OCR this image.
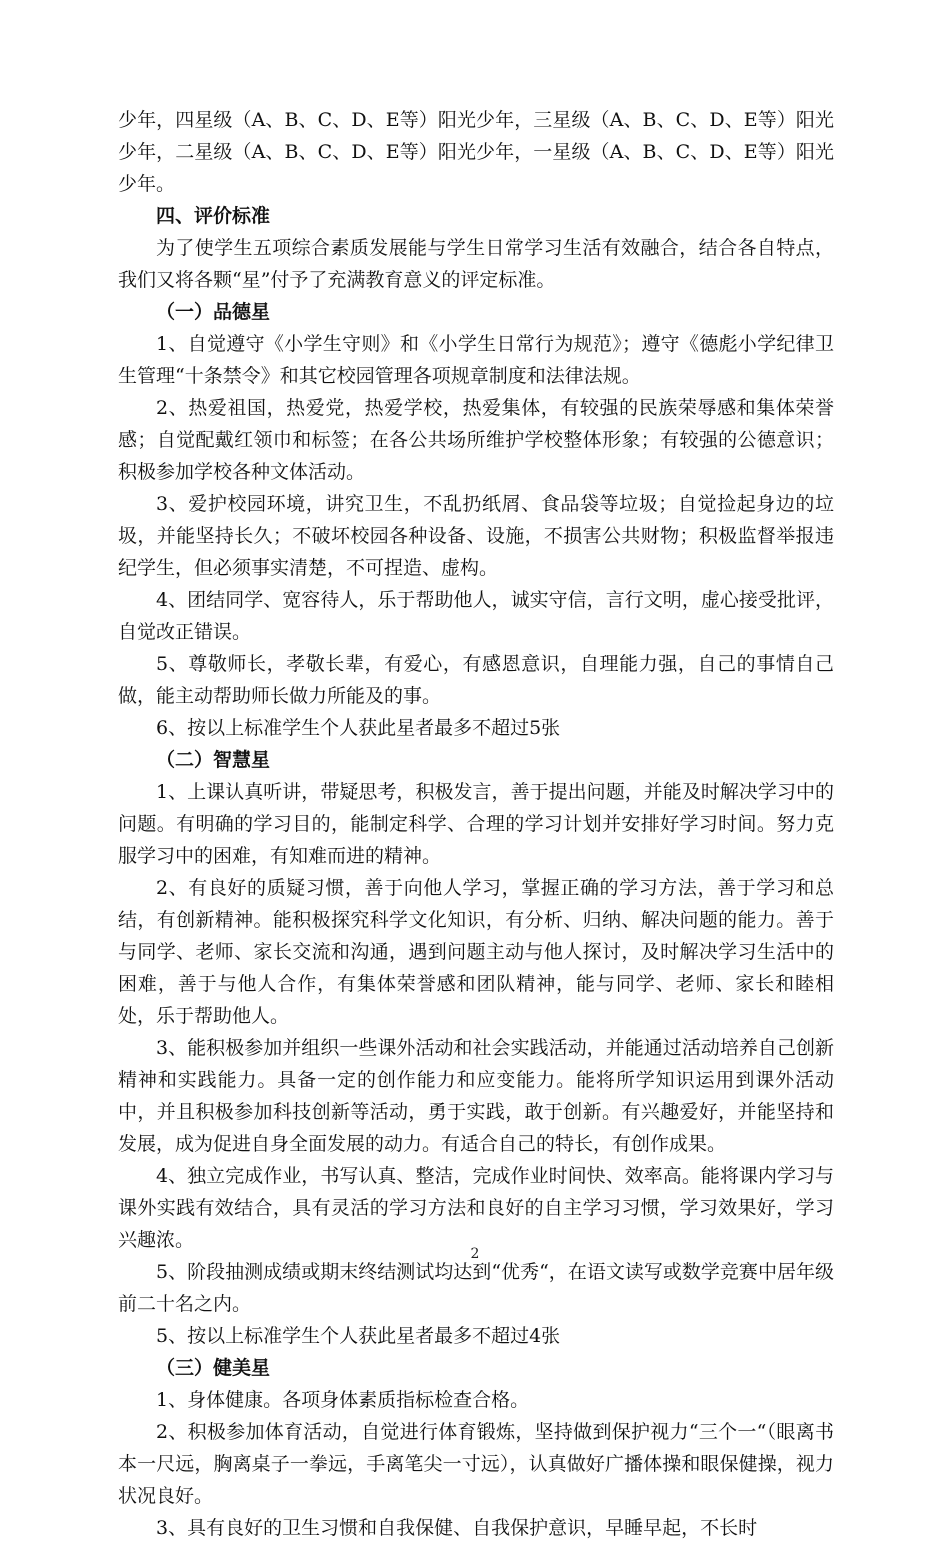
少年，四星级（A、B、C、D、E等）阳光少年，三星级（A、B、C、D、E等）阳光少年，二星级（A、B、C、D、E等）阳光少年，一星级（A、B、C、D、E等）阳光少年。

四、评价标准

为了使学生五项综合素质发展能与学生日常学习生活有效融合，结合各自特点，我们又将各颗“星”付予了充满教育意义的评定标准。

（一）品德星

1、自觉遵守《小学生守则》和《小学生日常行为规范》；遵守《德彪小学纪律卫生管理“十条禁令》和其它校园管理各项规章制度和法律法规。

2、热爱祖国，热爱党，热爱学校，热爱集体，有较强的民族荣辱感和集体荣誉感；自觉配戴红领巾和标签；在各公共场所维护学校整体形象；有较强的公德意识；积极参加学校各种文体活动。

3、爱护校园环境，讲究卫生，不乱扔纸屑、食品袋等垃圾；自觉捡起身边的垃圾，并能坚持长久；不破坏校园各种设备、设施，不损害公共财物；积极监督举报违纪学生，但必须事实清楚，不可捏造、虚构。

4、团结同学、宽容待人，乐于帮助他人，诚实守信，言行文明，虚心接受批评，自觉改正错误。

5、尊敬师长，孝敬长辈，有爱心，有感恩意识，自理能力强，自己的事情自己做，能主动帮助师长做力所能及的事。

6、按以上标准学生个人获此星者最多不超过5张

（二）智慧星

1、上课认真听讲，带疑思考，积极发言，善于提出问题，并能及时解决学习中的问题。有明确的学习目的，能制定科学、合理的学习计划并安排好学习时间。努力克服学习中的困难，有知难而进的精神。

2、有良好的质疑习惯，善于向他人学习，掌握正确的学习方法，善于学习和总结，有创新精神。能积极探究科学文化知识，有分析、归纳、解决问题的能力。善于与同学、老师、家长交流和沟通，遇到问题主动与他人探讨，及时解决学习生活中的困难，善于与他人合作，有集体荣誉感和团队精神，能与同学、老师、家长和睦相处，乐于帮助他人。

3、能积极参加并组织一些课外活动和社会实践活动，并能通过活动培养自己创新精神和实践能力。具备一定的创作能力和应变能力。能将所学知识运用到课外活动中，并且积极参加科技创新等活动，勇于实践，敢于创新。有兴趣爱好，并能坚持和发展，成为促进自身全面发展的动力。有适合自己的特长，有创作成果。

4、独立完成作业，书写认真、整洁，完成作业时间快、效率高。能将课内学习与课外实践有效结合，具有灵活的学习方法和良好的自主学习习惯，学习效果好，学习兴趣浓。

5、阶段抽测成绩或期末终结测试均达到“优秀“，在语文读写或数学竞赛中居年级前二十名之内。

5、按以上标准学生个人获此星者最多不超过4张

（三）健美星

1、身体健康。各项身体素质指标检查合格。

2、积极参加体育活动，自觉进行体育锻炼，坚持做到保护视力“三个一“（眼离书本一尺远，胸离桌子一拳远，手离笔尖一寸远），认真做好广播体操和眼保健操，视力状况良好。

3、具有良好的卫生习惯和自我保健、自我保护意识，早睡早起，不长时

2
